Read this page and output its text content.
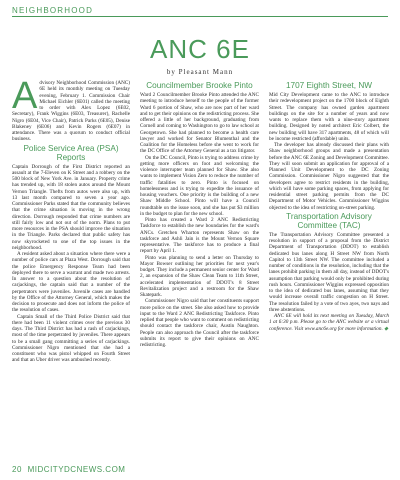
NEIGHBORHOOD
ANC 6E
by Pleasant Mann

Advisory Neighborhood Commission (ANC) 6E held its monthly meeting on Tuesday evening, February 1. Commission Chair Michael Eichler (6E01) called the meeting to order with Alex Lopez (6E02, Secretary), Frank Wiggins (6E03, Treasurer), Rachelle Nigro (6E04, Vice Chair), Patrick Parks (6E05), Denise Blakeney (6E06) and Kevin Rogers (6E07) in attendance. There was a quorum to conduct official business.

Police Service Area (PSA) Reports

Captain Dorrough of the First District reported an assault at the 7-Eleven on K Street and a robbery on the 500 block of New York Ave. in January. Property crime has trended up, with 18 stolen autos around the Mount Vernon Triangle. Thefts from autos were also up, with 13 last month compared to seven a year ago. Commissioner Parks stated that the community believes that the crime situation is moving in the wrong direction. Dorrough responded that crime numbers are still fairly low and not out of the norm. Plans to put more resources in the PSA should improve the situation in the Triangle. Parks declared that public safety has now skyrocketed to one of the top issues in the neighborhood.

A resident asked about a situation where there were a number of police cars at Plaza West. Dorrough said that the police Emergency Response Team had been deployed there to serve a warrant and made two arrests. In answer to a question about the resolution of carjackings, the captain said that a number of the perpetrators were juveniles. Juvenile cases are handled by the Office of the Attorney General, which makes the decision to prosecute and does not inform the police of the resolution of cases.

Captain Small of the Third Police District said that there had been 11 violent crimes over the previous 30 days. The Third District has had a rash of carjackings, most of the time perpetrated by juveniles. There appears to be a small gang committing a series of carjackings. Commissioner Nigro mentioned that she had a constituent who was pistol whipped on Fourth Street and that an Uber driver was ambushed recently.

Councilmember Brooke Pinto

Ward 2 Councilmember Brooke Pinto attended the ANC meeting to introduce herself to the people of the former Ward 6 portion of Shaw, who are now part of her ward and to get their opinions on the redistricting process. She offered a little of her background, graduating from Cornell and coming to Washington to go to law school at Georgetown. She had planned to become a health care lawyer and worked for Senator Blumenthal and the Coalition for the Homeless before she went to work for the DC Office of the Attorney General as a tax litigator.

On the DC Council, Pinto is trying to address crime by getting more officers on foot and welcoming the violence interrupter team planned for Shaw. She also wants to implement Vision Zero to reduce the number of traffic fatalities to zero. Pinto is focused on homelessness and is trying to expedite the issuance of housing vouchers. One priority is the building of a new Shaw Middle School. Pinto will have a Council roundtable on the issue soon, and she has put $3 million in the budget to plan for the new school.

Pinto has created a Ward 2 ANC Redistricting Taskforce to establish the new boundaries for the ward's ANCs. Gretchen Wharton represents Shaw on the taskforce and Ashli Jain is the Mount Vernon Square representative. The taskforce has to produce a final report by April 1.

Pinto was planning to send a letter on Thursday to Mayor Bowser outlining her priorities for next year's budget. They include a permanent senior center for Ward 2, an expansion of the Shaw Clean Team to 11th Street, accelerated implementation of DDOT's 8 Street Revitalization project and a restroom for the Shaw Skatepark.

Commissioner Nigro said that her constituents support more police on the street. She also asked how to provide input to the Ward 2 ANC Redistricting Taskforce. Pinto replied that people who want to comment on redistricting should contact the taskforce chair, Austin Naughton. People can also approach the Council after the taskforce submits its report to give their opinions on ANC redistricting.

1707 Eighth Street, NW

Mid City Development came to the ANC to introduce their redevelopment project on the 1700 block of Eighth Street. The company has owned garden apartment buildings on the site for a number of years and now wants to replace them with a nine-story apartment building. Designed by noted architect Eric Colbert, the new building will have 317 apartments, 48 of which will be income restricted (affordable) units.

The developer has already discussed their plans with Shaw neighborhood groups and made a presentation before the ANC 6E Zoning and Development Committee. They will soon submit an application for approval of a Planned Unit Development to the DC Zoning Commission. Commissioner Nigro suggested that the developers agree to restrict residents in the building, which will have some parking spaces, from applying for residential street parking permits from the DC Department of Motor Vehicles. Commissioner Wiggins objected to the idea of restricting on-street parking.

Transportation Advisory Committee (TAC)

The Transportation Advisory Committee presented a resolution in support of a proposal from the District Department of Transportation (DDOT) to establish dedicated bus lanes along H Street NW from North Capitol to 13th Street NW. The committee included a number of conditions in the resolution, including that the lanes prohibit parking in them all day, instead of DDOT's assumption that parking would only be prohibited during rush hours. Commissioner Wiggins expressed opposition to the idea of dedicated bus lanes, assuming that they would increase overall traffic congestion on H Street. The resolution failed by a vote of two ayes, two nays and three abstentions.

ANC 6E will hold its next meeting on Tuesday, March 1 at 6:30 p.m. Please go to the ANC website or a virtual conference. Visit www.anc6e.org for more information. ◆

20 MIDCITYDCNEWS.COM
